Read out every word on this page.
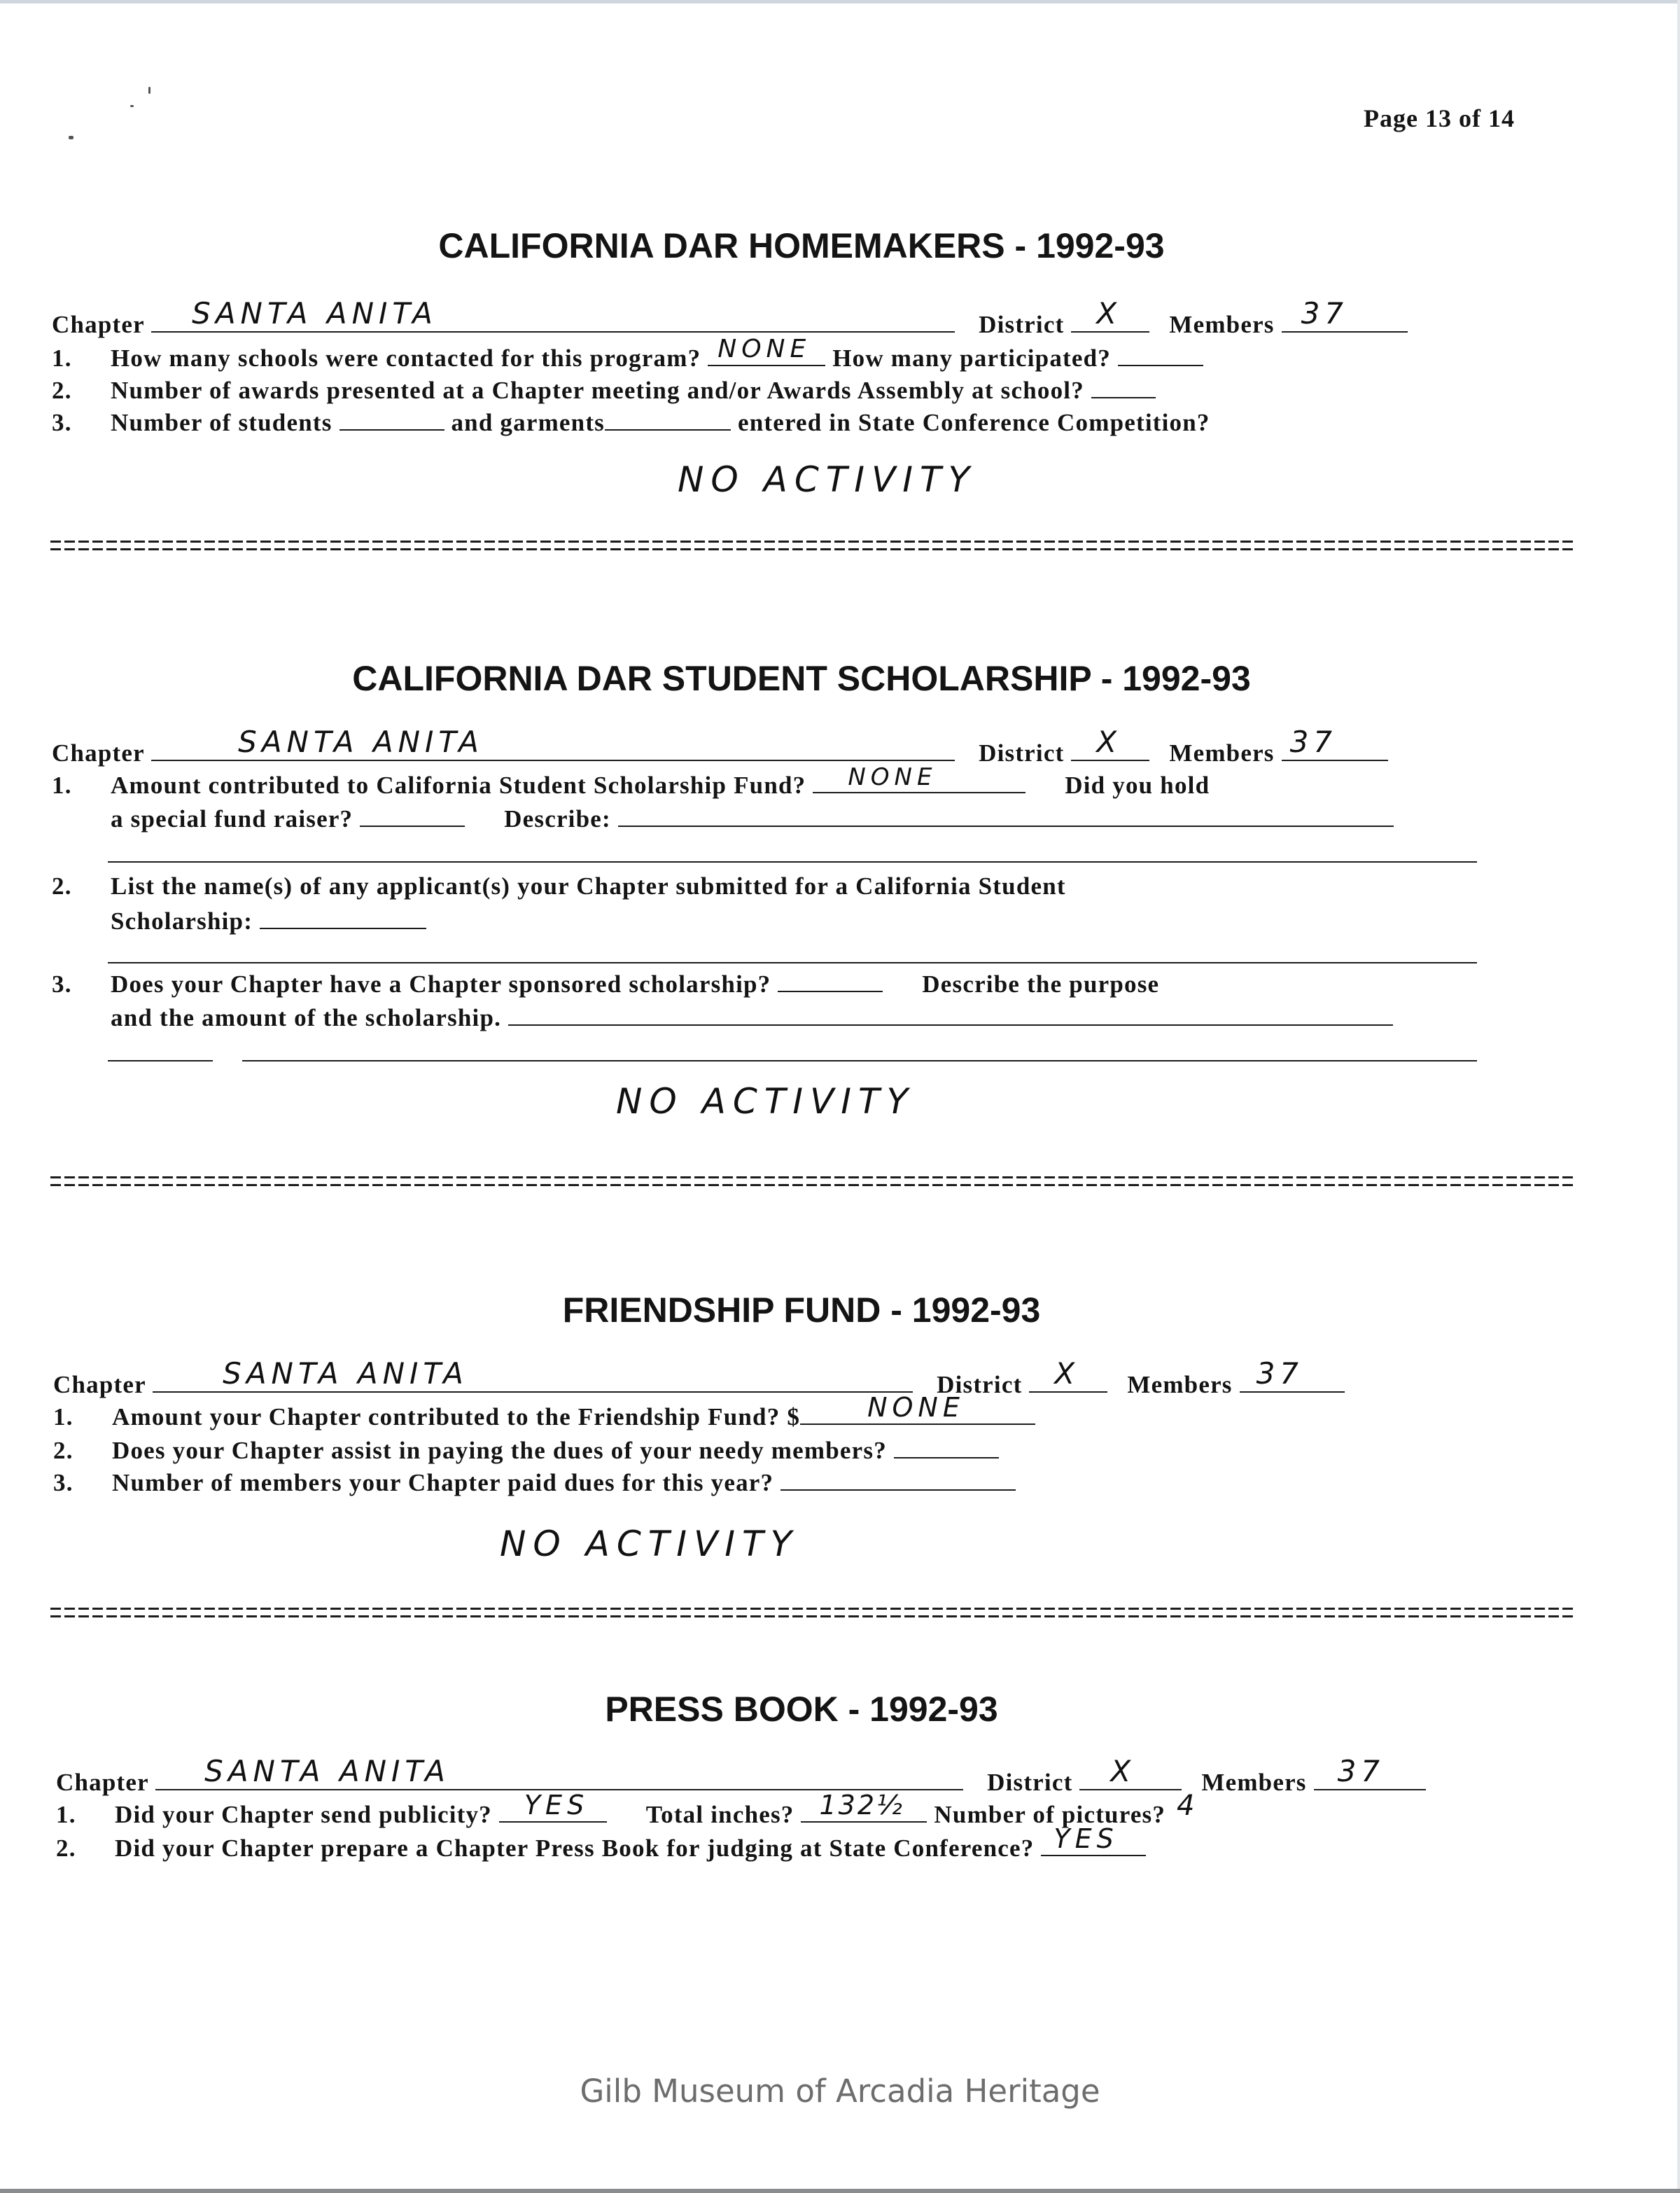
Page 13 of 14
CALIFORNIA DAR HOMEMAKERS - 1992-93
Chapter SANTA ANITA	District X Members 37
1. How many schools were contacted for this program? NONE How many participated?
2. Number of awards presented at a Chapter meeting and/or Awards Assembly at school?
3. Number of students	and garments	entered in State Conference Competition?
NO ACTIVITY
CALIFORNIA DAR STUDENT SCHOLARSHIP - 1992-93
Chapter	SANTA ANITA	District X Members 37
1. Amount contributed to California Student Scholarship Fund? NONE	Did you hold
a special fund raiser?	Describe:
2. List the name(s) of any applicant(s) your Chapter submitted for a California Student
Scholarship:
3. Does your Chapter have a Chapter sponsored scholarship?	Describe the purpose
and the amount of the scholarship.
NO ACTIVITY
FRIENDSHIP FUND - 1992-93
Chapter	SANTA ANITA	District X Members 37
1. Amount your Chapter contributed to the Friendship Fund? $	NONE
2. Does your Chapter assist in paying the dues of your needy members?
3. Number of members your Chapter paid dues for this year?
NO ACTIVITY
PRESS BOOK - 1992-93
Chapter SANTA ANITA	District X	Members 37
1. Did your Chapter send publicity? YES Total inches? 132½ Number of pictures? 4
2. Did your Chapter prepare a Chapter Press Book for judging at State Conference? YES
Gilb Museum of Arcadia Heritage
